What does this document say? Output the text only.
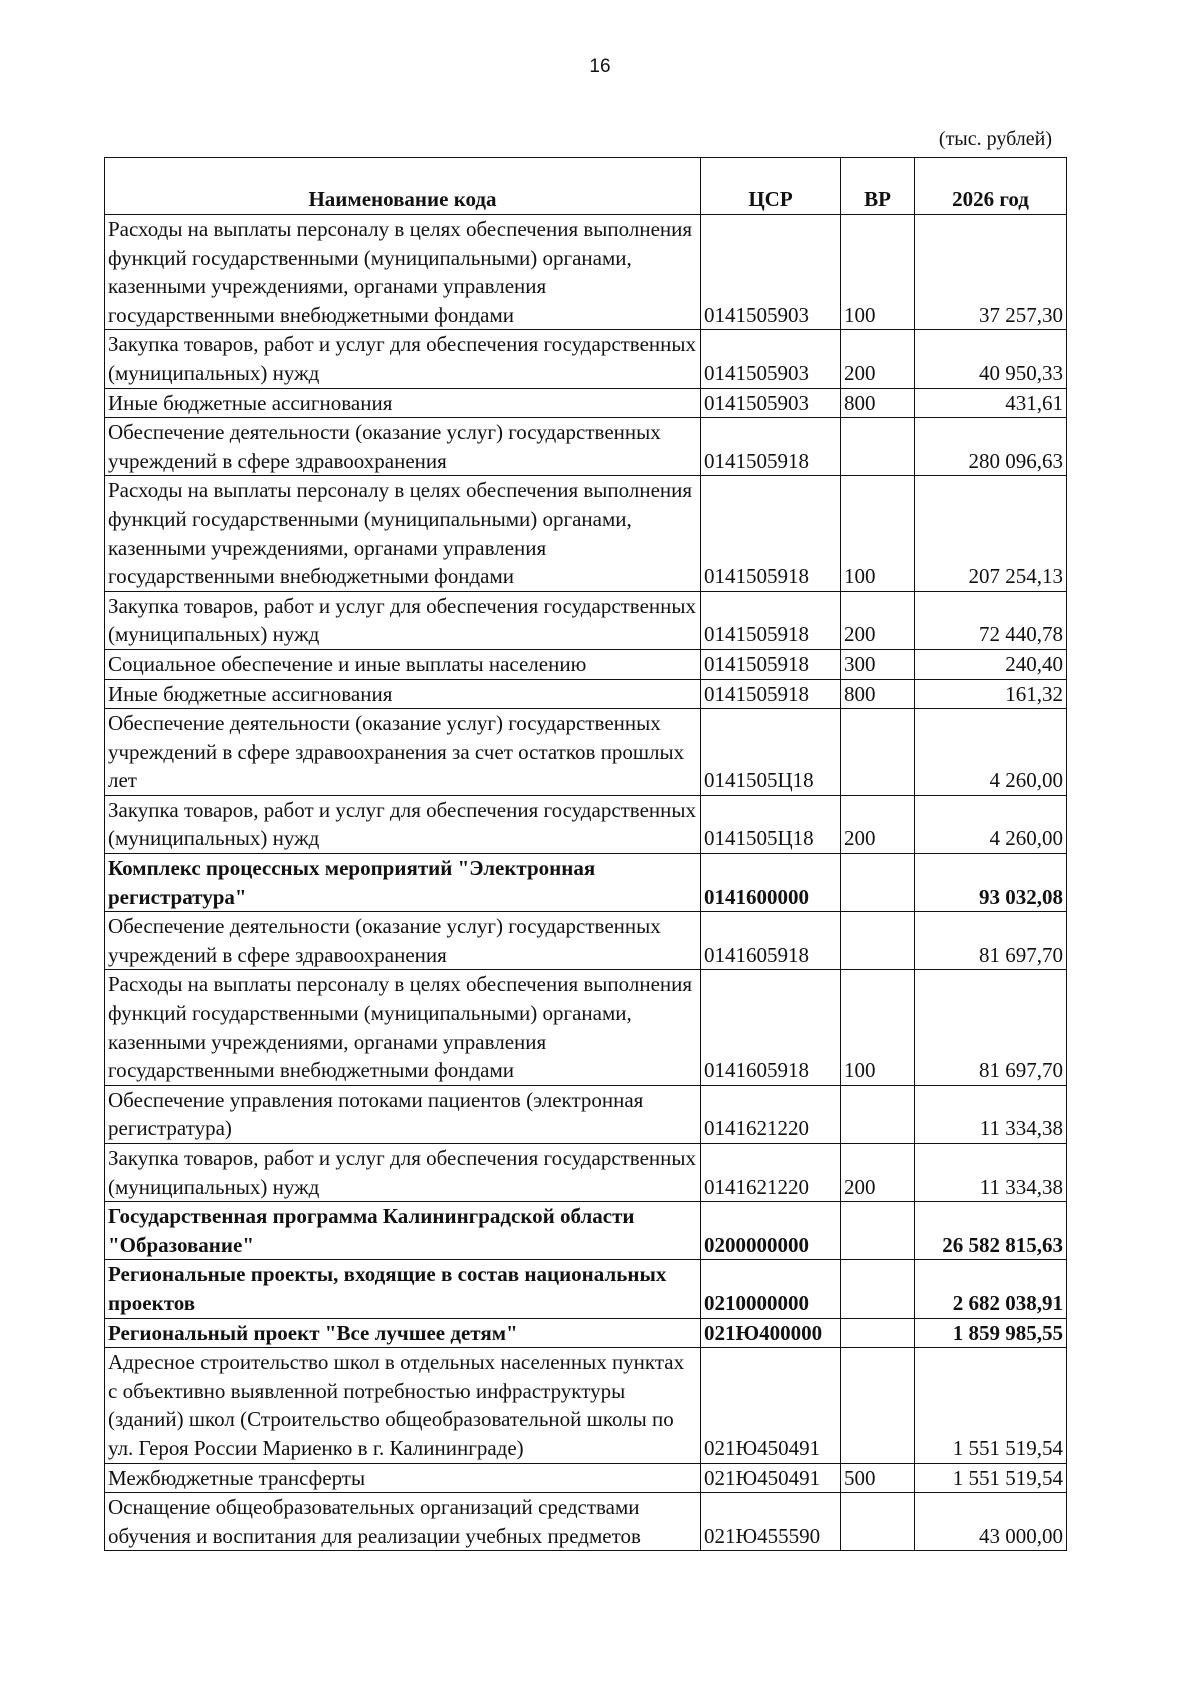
16
(тыс. рублей)
Наименование кода	ЦСР	ВР	2026 год
Расходы на выплаты персоналу в целях обеспечения выполнения функций государственными (муниципальными) органами, казенными учреждениями, органами управления государственными внебюджетными фондами	0141505903	100	37 257,30
Закупка товаров, работ и услуг для обеспечения государственных (муниципальных) нужд	0141505903	200	40 950,33
Иные бюджетные ассигнования	0141505903	800	431,61
Обеспечение деятельности (оказание услуг) государственных учреждений в сфере здравоохранения	0141505918		280 096,63
Расходы на выплаты персоналу в целях обеспечения выполнения функций государственными (муниципальными) органами, казенными учреждениями, органами управления государственными внебюджетными фондами	0141505918	100	207 254,13
Закупка товаров, работ и услуг для обеспечения государственных (муниципальных) нужд	0141505918	200	72 440,78
Социальное обеспечение и иные выплаты населению	0141505918	300	240,40
Иные бюджетные ассигнования	0141505918	800	161,32
Обеспечение деятельности (оказание услуг) государственных учреждений в сфере здравоохранения за счет остатков прошлых лет	0141505Ц18		4 260,00
Закупка товаров, работ и услуг для обеспечения государственных (муниципальных) нужд	0141505Ц18	200	4 260,00
Комплекс процессных мероприятий "Электронная регистратура"	0141600000		93 032,08
Обеспечение деятельности (оказание услуг) государственных учреждений в сфере здравоохранения	0141605918		81 697,70
Расходы на выплаты персоналу в целях обеспечения выполнения функций государственными (муниципальными) органами, казенными учреждениями, органами управления государственными внебюджетными фондами	0141605918	100	81 697,70
Обеспечение управления потоками пациентов (электронная регистратура)	0141621220		11 334,38
Закупка товаров, работ и услуг для обеспечения государственных (муниципальных) нужд	0141621220	200	11 334,38
Государственная программа Калининградской области "Образование"	0200000000		26 582 815,63
Региональные проекты, входящие в состав национальных проектов	0210000000		2 682 038,91
Региональный проект "Все лучшее детям"	021Ю400000		1 859 985,55
Адресное строительство школ в отдельных населенных пунктах с объективно выявленной потребностью инфраструктуры (зданий) школ (Строительство общеобразовательной школы по ул. Героя России Мариенко в г. Калининграде)	021Ю450491		1 551 519,54
Межбюджетные трансферты	021Ю450491	500	1 551 519,54
Оснащение общеобразовательных организаций средствами обучения и воспитания для реализации учебных предметов	021Ю455590		43 000,00
